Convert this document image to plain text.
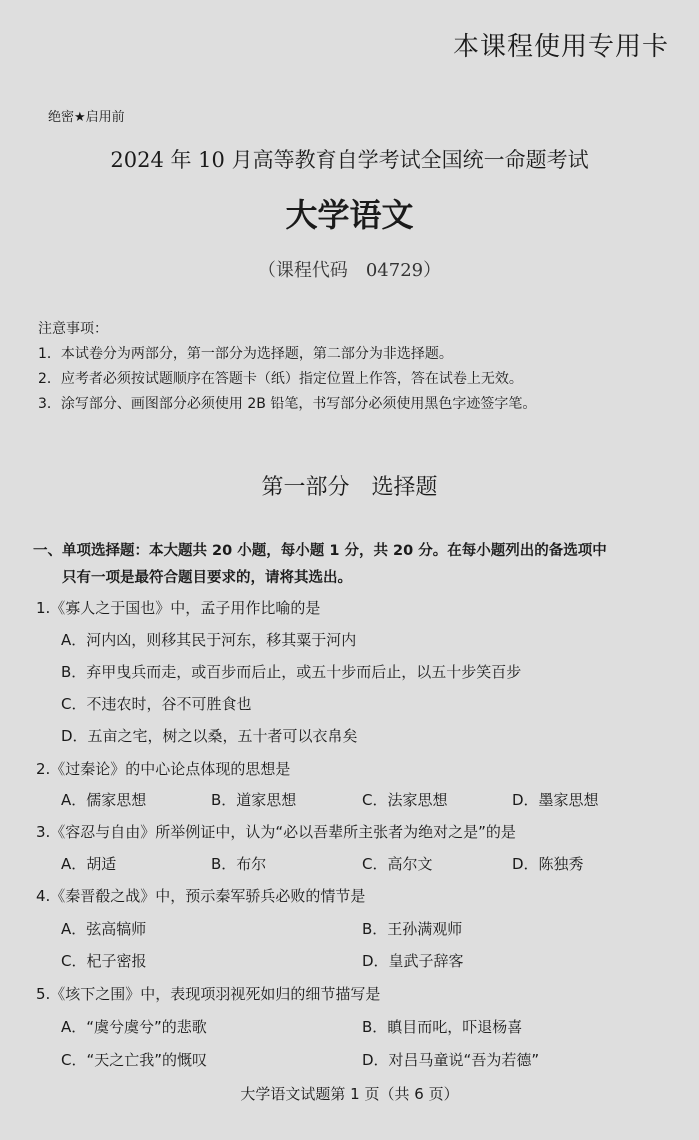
本课程使用专用卡
绝密★启用前
2024 年 10 月高等教育自学考试全国统一命题考试
大学语文
（课程代码　04729）
注意事项：
1．本试卷分为两部分，第一部分为选择题，第二部分为非选择题。
2．应考者必须按试题顺序在答题卡（纸）指定位置上作答，答在试卷上无效。
3．涂写部分、画图部分必须使用 2B 铅笔，书写部分必须使用黑色字迹签字笔。
第一部分　选择题
一、单项选择题：本大题共 20 小题，每小题 1 分，共 20 分。在每小题列出的备选项中
只有一项是最符合题目要求的，请将其选出。
1.《寡人之于国也》中，孟子用作比喻的是
A．河内凶，则移其民于河东，移其粟于河内
B．弃甲曳兵而走，或百步而后止，或五十步而后止，以五十步笑百步
C．不违农时，谷不可胜食也
D．五亩之宅，树之以桑，五十者可以衣帛矣
2.《过秦论》的中心论点体现的思想是
A．儒家思想	B．道家思想	C．法家思想	D．墨家思想
3.《容忍与自由》所举例证中，认为“必以吾辈所主张者为绝对之是”的是
A．胡适	B．布尔	C．高尔文	D．陈独秀
4.《秦晋殽之战》中，预示秦军骄兵必败的情节是
A．弦高犒师	B．王孙满观师
C．杞子密报	D．皇武子辞客
5.《垓下之围》中，表现项羽视死如归的细节描写是
A．“虞兮虞兮”的悲歌	B．瞋目而叱，吓退杨喜
C．“天之亡我”的慨叹	D．对吕马童说“吾为若德”
大学语文试题第 1 页（共 6 页）
